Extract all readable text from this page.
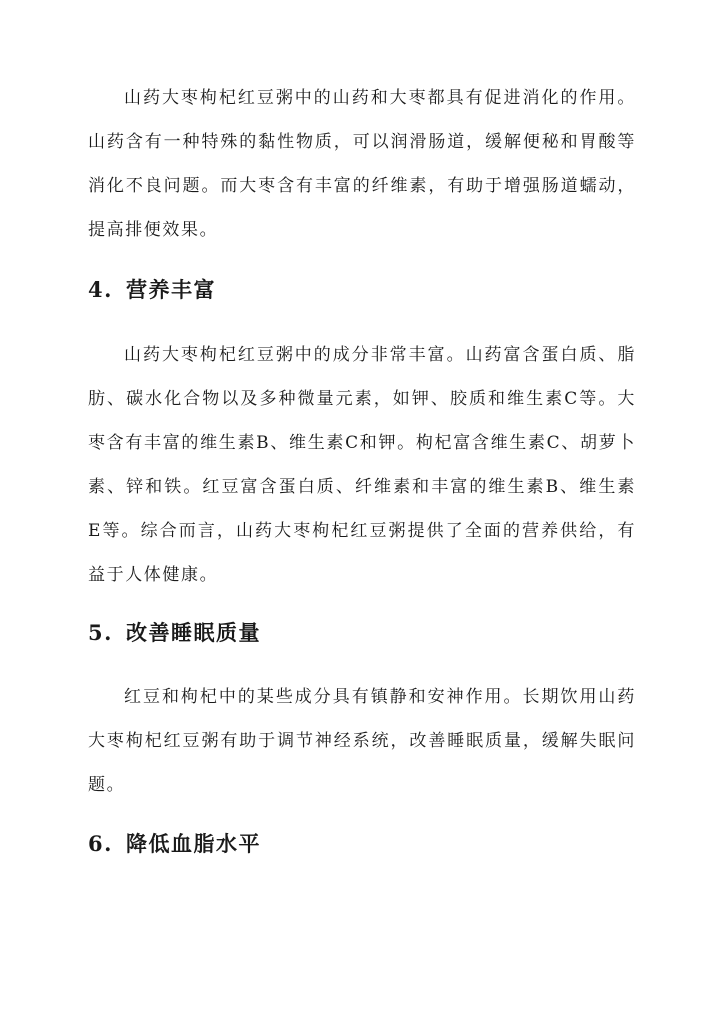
山药大枣枸杞红豆粥中的山药和大枣都具有促进消化的作用。山药含有一种特殊的黏性物质，可以润滑肠道，缓解便秘和胃酸等消化不良问题。而大枣含有丰富的纤维素，有助于增强肠道蠕动，提高排便效果。

4. 营养丰富

山药大枣枸杞红豆粥中的成分非常丰富。山药富含蛋白质、脂肪、碳水化合物以及多种微量元素，如钾、胶质和维生素C等。大枣含有丰富的维生素B、维生素C和钾。枸杞富含维生素C、胡萝卜素、锌和铁。红豆富含蛋白质、纤维素和丰富的维生素B、维生素E等。综合而言，山药大枣枸杞红豆粥提供了全面的营养供给，有益于人体健康。

5. 改善睡眠质量

红豆和枸杞中的某些成分具有镇静和安神作用。长期饮用山药大枣枸杞红豆粥有助于调节神经系统，改善睡眠质量，缓解失眠问题。

6. 降低血脂水平
